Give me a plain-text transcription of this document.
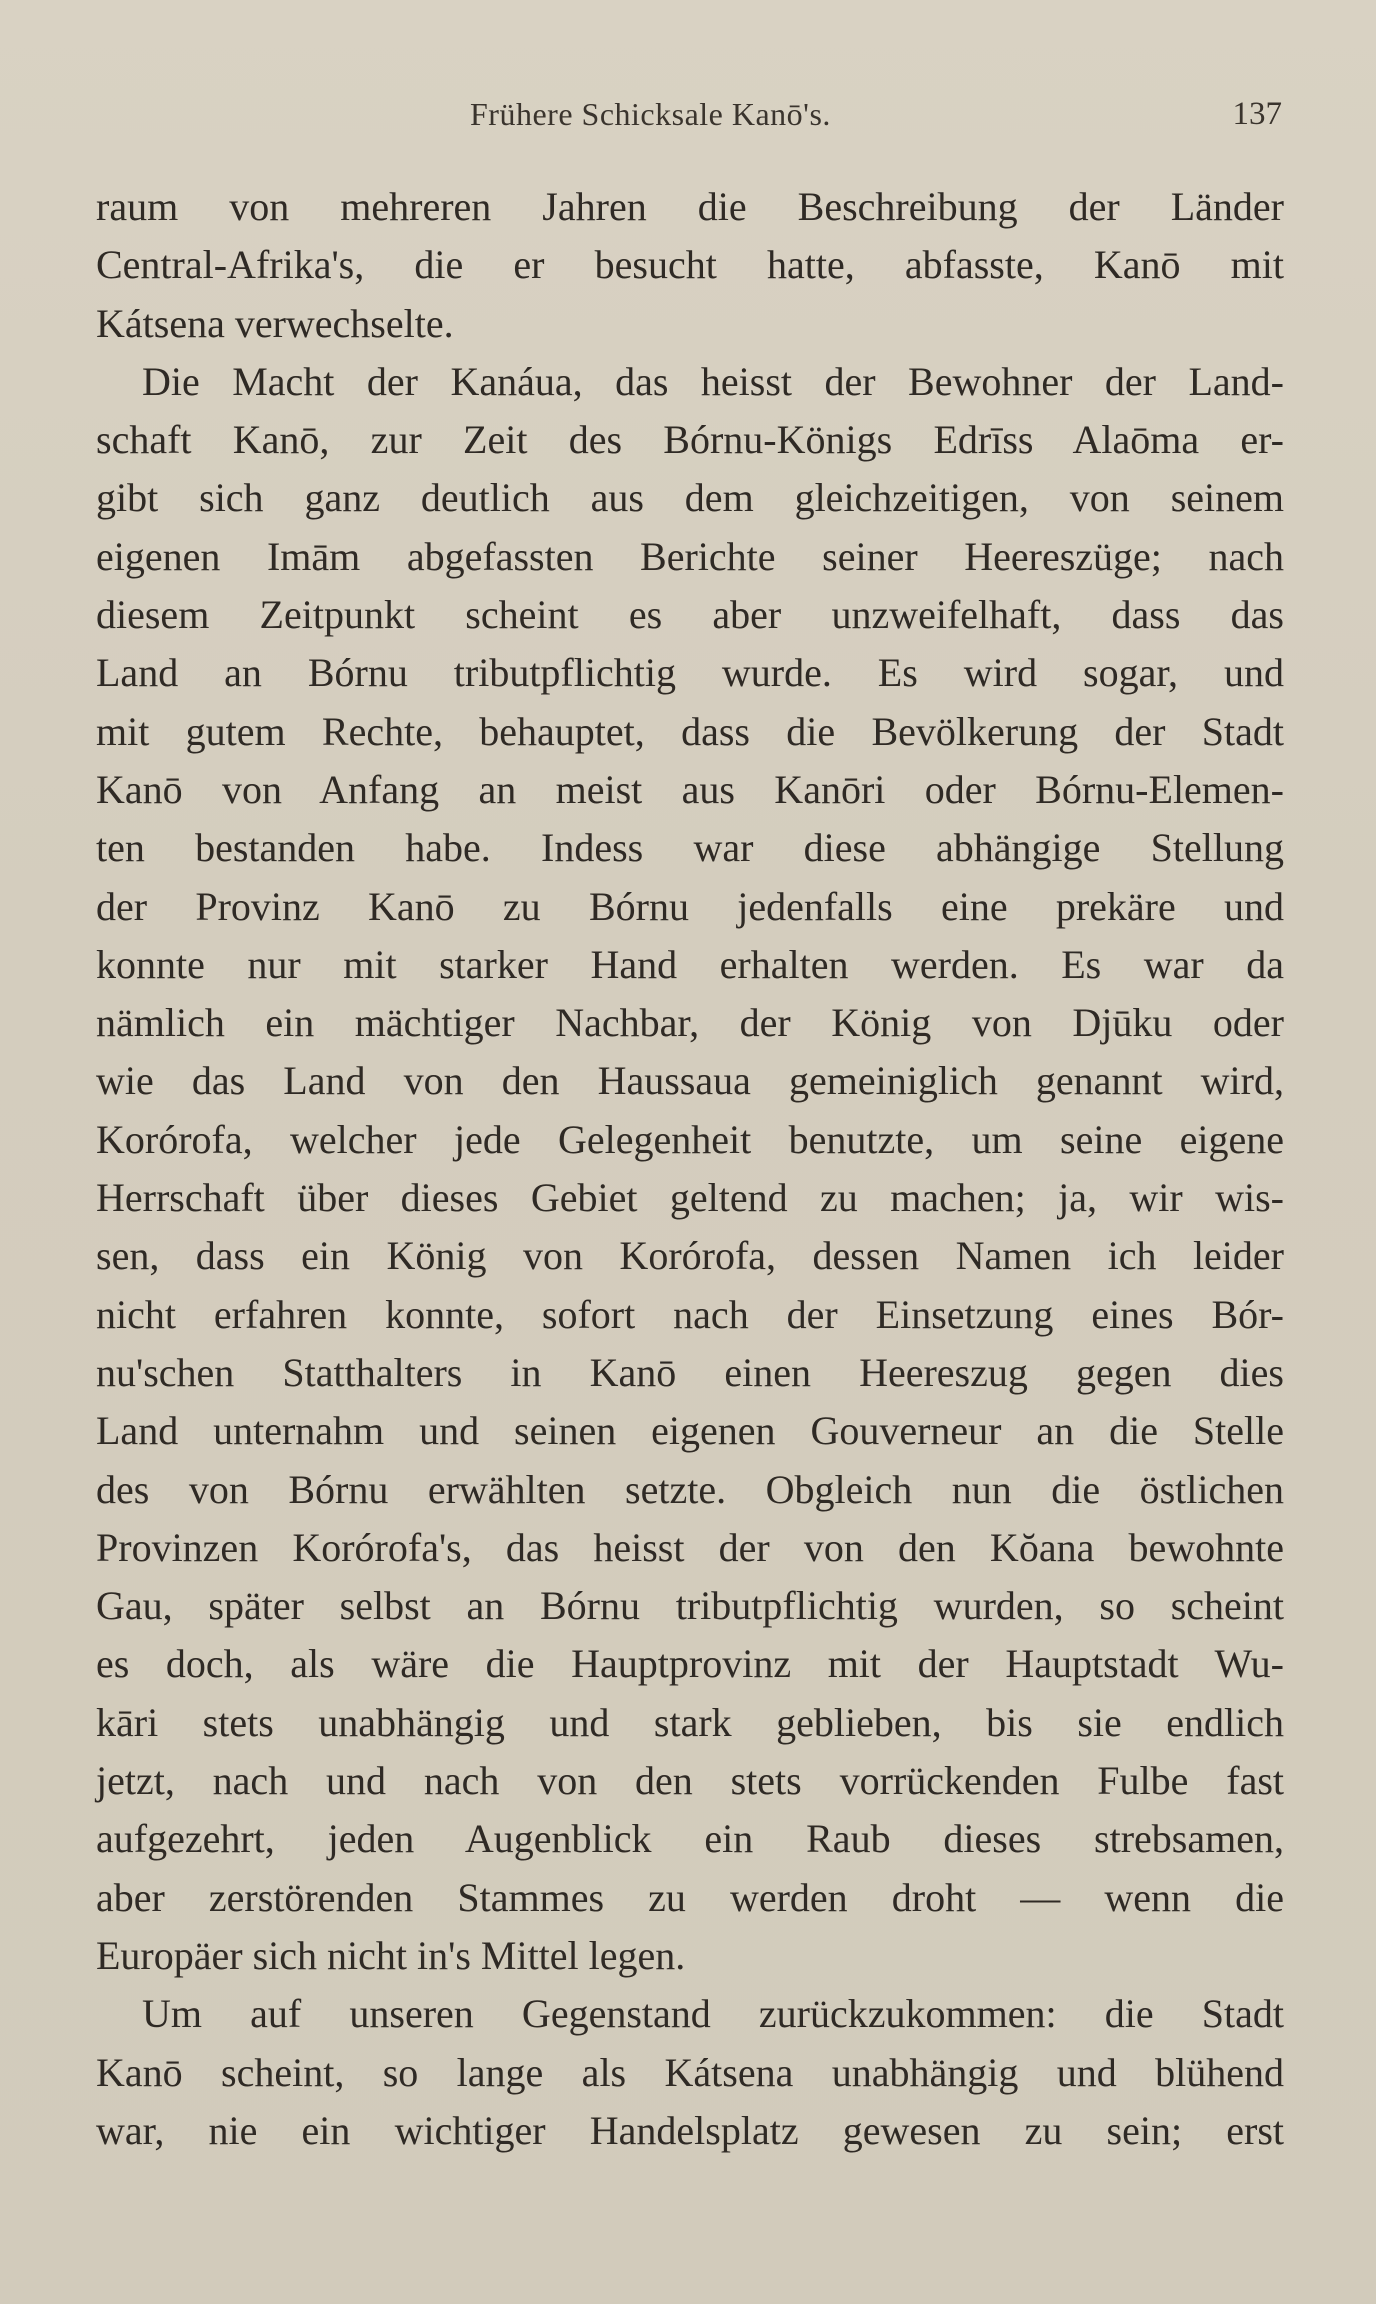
Frühere Schicksale Kanō's.	137
raum von mehreren Jahren die Beschreibung der Länder
Central-Afrika's, die er besucht hatte, abfasste, Kanō mit
Kátsena verwechselte.
Die Macht der Kanáua, das heisst der Bewohner der Land-
schaft Kanō, zur Zeit des Bórnu-Königs Edrīss Alaōma er-
gibt sich ganz deutlich aus dem gleichzeitigen, von seinem
eigenen Imām abgefassten Berichte seiner Heereszüge; nach
diesem Zeitpunkt scheint es aber unzweifelhaft, dass das
Land an Bórnu tributpflichtig wurde. Es wird sogar, und
mit gutem Rechte, behauptet, dass die Bevölkerung der Stadt
Kanō von Anfang an meist aus Kanōri oder Bórnu-Elemen-
ten bestanden habe. Indess war diese abhängige Stellung
der Provinz Kanō zu Bórnu jedenfalls eine prekäre und
konnte nur mit starker Hand erhalten werden. Es war da
nämlich ein mächtiger Nachbar, der König von Djūku oder
wie das Land von den Haussaua gemeiniglich genannt wird,
Korórofa, welcher jede Gelegenheit benutzte, um seine eigene
Herrschaft über dieses Gebiet geltend zu machen; ja, wir wis-
sen, dass ein König von Korórofa, dessen Namen ich leider
nicht erfahren konnte, sofort nach der Einsetzung eines Bór-
nu'schen Statthalters in Kanō einen Heereszug gegen dies
Land unternahm und seinen eigenen Gouverneur an die Stelle
des von Bórnu erwählten setzte. Obgleich nun die östlichen
Provinzen Korórofa's, das heisst der von den Kŏana bewohnte
Gau, später selbst an Bórnu tributpflichtig wurden, so scheint
es doch, als wäre die Hauptprovinz mit der Hauptstadt Wu-
kāri stets unabhängig und stark geblieben, bis sie endlich
jetzt, nach und nach von den stets vorrückenden Fulbe fast
aufgezehrt, jeden Augenblick ein Raub dieses strebsamen,
aber zerstörenden Stammes zu werden droht — wenn die
Europäer sich nicht in's Mittel legen.
Um auf unseren Gegenstand zurückzukommen: die Stadt
Kanō scheint, so lange als Kátsena unabhängig und blühend
war, nie ein wichtiger Handelsplatz gewesen zu sein; erst
